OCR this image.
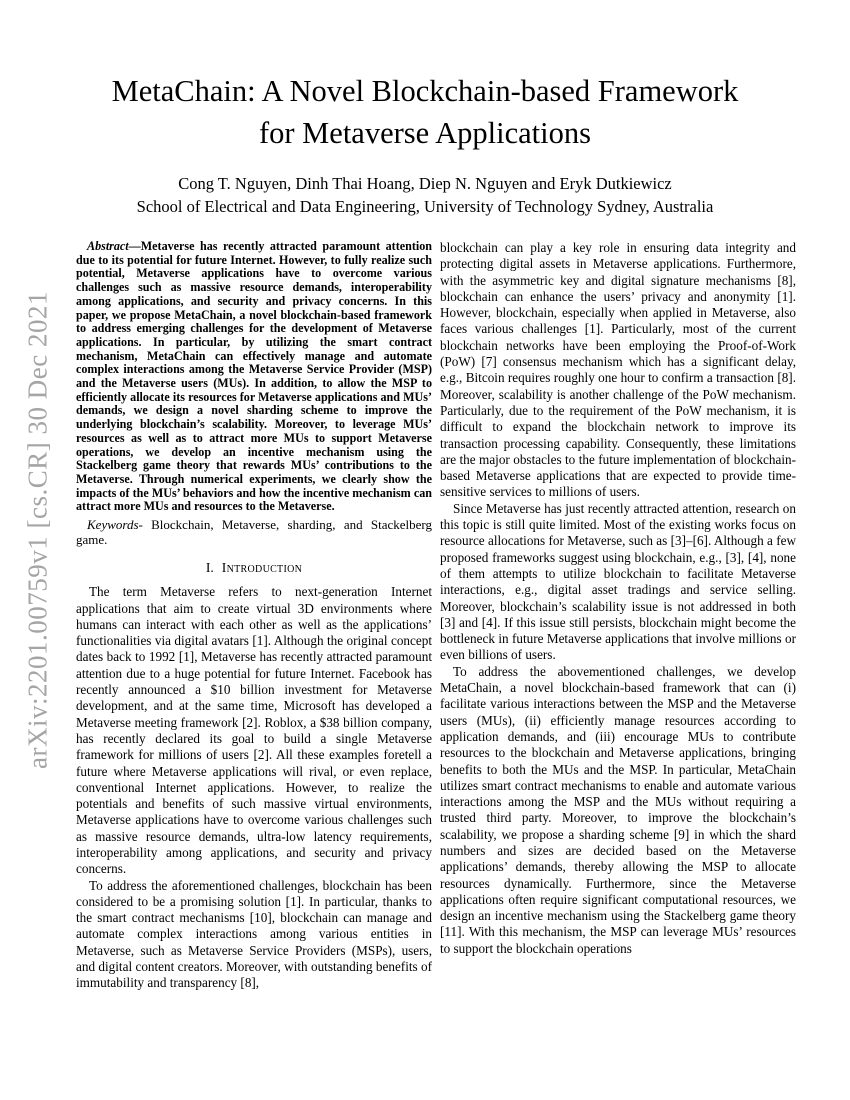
arXiv:2201.00759v1 [cs.CR] 30 Dec 2021
MetaChain: A Novel Blockchain-based Framework
for Metaverse Applications
Cong T. Nguyen, Dinh Thai Hoang, Diep N. Nguyen and Eryk Dutkiewicz
School of Electrical and Data Engineering, University of Technology Sydney, Australia

Abstract—Metaverse has recently attracted paramount attention due to its potential for future Internet. However, to fully realize such potential, Metaverse applications have to overcome various challenges such as massive resource demands, interoperability among applications, and security and privacy concerns. In this paper, we propose MetaChain, a novel blockchain-based framework to address emerging challenges for the development of Metaverse applications. In particular, by utilizing the smart contract mechanism, MetaChain can effectively manage and automate complex interactions among the Metaverse Service Provider (MSP) and the Metaverse users (MUs). In addition, to allow the MSP to efficiently allocate its resources for Metaverse applications and MUs’ demands, we design a novel sharding scheme to improve the underlying blockchain’s scalability. Moreover, to leverage MUs’ resources as well as to attract more MUs to support Metaverse operations, we develop an incentive mechanism using the Stackelberg game theory that rewards MUs’ contributions to the Metaverse. Through numerical experiments, we clearly show the impacts of the MUs’ behaviors and how the incentive mechanism can attract more MUs and resources to the Metaverse.

Keywords- Blockchain, Metaverse, sharding, and Stackelberg game.

I. Introduction

The term Metaverse refers to next-generation Internet applications that aim to create virtual 3D environments where humans can interact with each other as well as the applications’ functionalities via digital avatars [1]. Although the original concept dates back to 1992 [1], Metaverse has recently attracted paramount attention due to a huge potential for future Internet. Facebook has recently announced a $10 billion investment for Metaverse development, and at the same time, Microsoft has developed a Metaverse meeting framework [2]. Roblox, a $38 billion company, has recently declared its goal to build a single Metaverse framework for millions of users [2]. All these examples foretell a future where Metaverse applications will rival, or even replace, conventional Internet applications. However, to realize the potentials and benefits of such massive virtual environments, Metaverse applications have to overcome various challenges such as massive resource demands, ultra-low latency requirements, interoperability among applications, and security and privacy concerns.

To address the aforementioned challenges, blockchain has been considered to be a promising solution [1]. In particular, thanks to the smart contract mechanisms [10], blockchain can manage and automate complex interactions among various entities in Metaverse, such as Metaverse Service Providers (MSPs), users, and digital content creators. Moreover, with outstanding benefits of immutability and transparency [8],

blockchain can play a key role in ensuring data integrity and protecting digital assets in Metaverse applications. Furthermore, with the asymmetric key and digital signature mechanisms [8], blockchain can enhance the users’ privacy and anonymity [1]. However, blockchain, especially when applied in Metaverse, also faces various challenges [1]. Particularly, most of the current blockchain networks have been employing the Proof-of-Work (PoW) [7] consensus mechanism which has a significant delay, e.g., Bitcoin requires roughly one hour to confirm a transaction [8]. Moreover, scalability is another challenge of the PoW mechanism. Particularly, due to the requirement of the PoW mechanism, it is difficult to expand the blockchain network to improve its transaction processing capability. Consequently, these limitations are the major obstacles to the future implementation of blockchain-based Metaverse applications that are expected to provide time-sensitive services to millions of users.

Since Metaverse has just recently attracted attention, research on this topic is still quite limited. Most of the existing works focus on resource allocations for Metaverse, such as [3]–[6]. Although a few proposed frameworks suggest using blockchain, e.g., [3], [4], none of them attempts to utilize blockchain to facilitate Metaverse interactions, e.g., digital asset tradings and service selling. Moreover, blockchain’s scalability issue is not addressed in both [3] and [4]. If this issue still persists, blockchain might become the bottleneck in future Metaverse applications that involve millions or even billions of users.

To address the abovementioned challenges, we develop MetaChain, a novel blockchain-based framework that can (i) facilitate various interactions between the MSP and the Metaverse users (MUs), (ii) efficiently manage resources according to application demands, and (iii) encourage MUs to contribute resources to the blockchain and Metaverse applications, bringing benefits to both the MUs and the MSP. In particular, MetaChain utilizes smart contract mechanisms to enable and automate various interactions among the MSP and the MUs without requiring a trusted third party. Moreover, to improve the blockchain’s scalability, we propose a sharding scheme [9] in which the shard numbers and sizes are decided based on the Metaverse applications’ demands, thereby allowing the MSP to allocate resources dynamically. Furthermore, since the Metaverse applications often require significant computational resources, we design an incentive mechanism using the Stackelberg game theory [11]. With this mechanism, the MSP can leverage MUs’ resources to support the blockchain operations
